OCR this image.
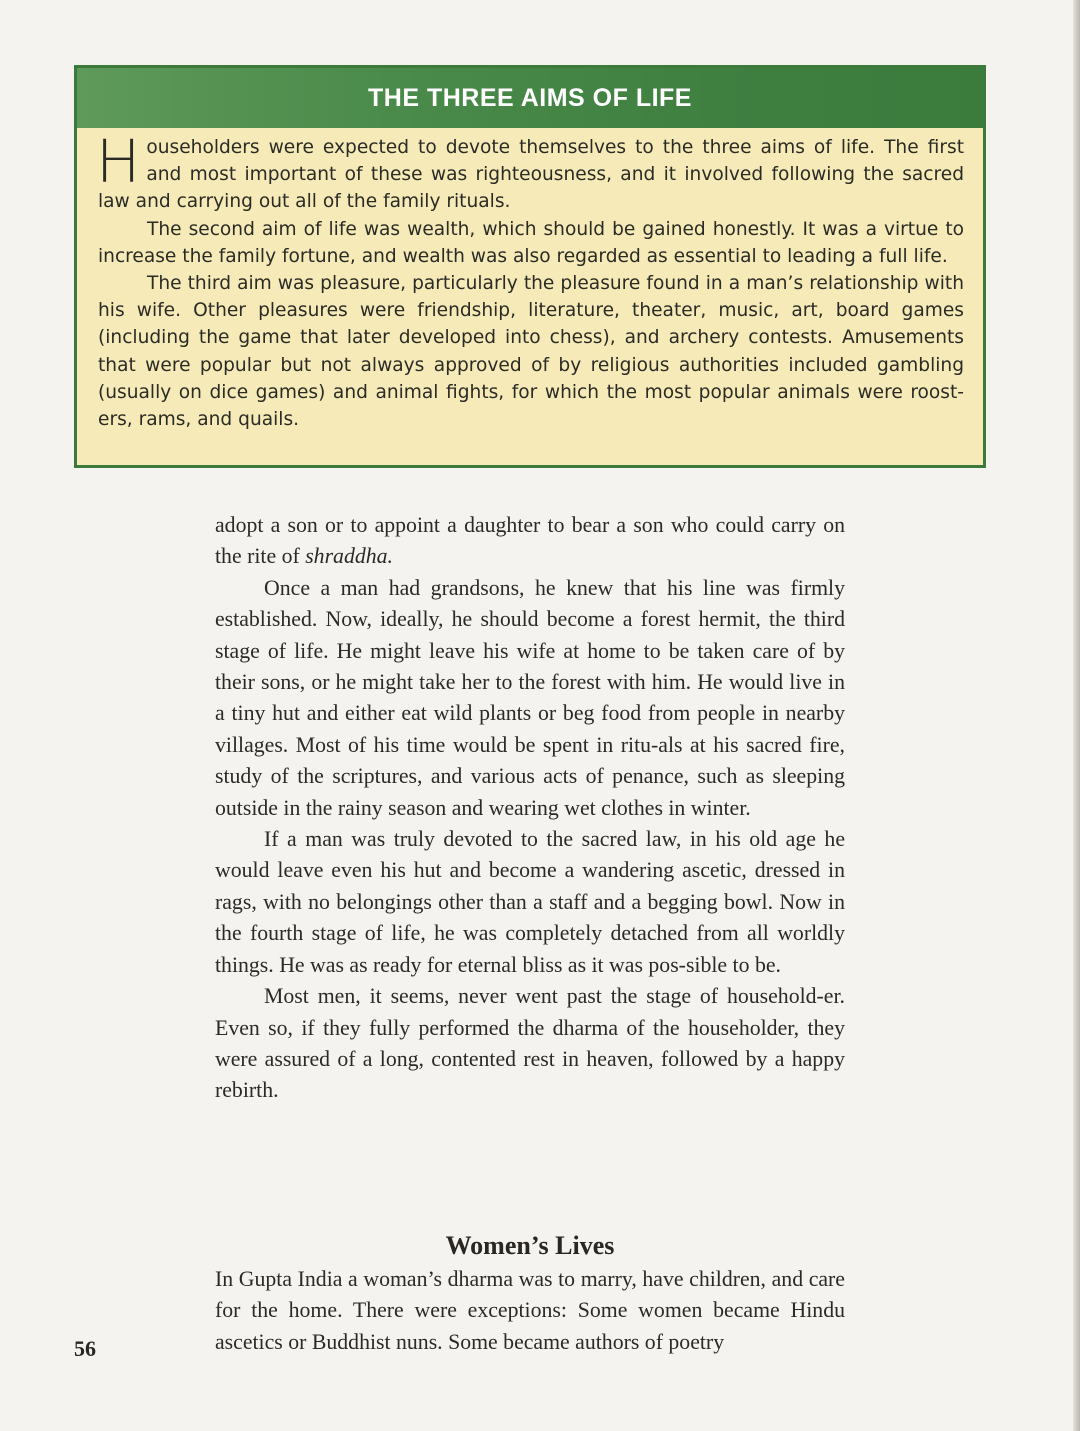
THE THREE AIMS OF LIFE

Householders were expected to devote themselves to the three aims of life. The first and most important of these was righteousness, and it involved following the sacred law and carrying out all of the family rituals.

The second aim of life was wealth, which should be gained honestly. It was a virtue to increase the family fortune, and wealth was also regarded as essential to leading a full life.

The third aim was pleasure, particularly the pleasure found in a man’s relationship with his wife. Other pleasures were friendship, literature, theater, music, art, board games (including the game that later developed into chess), and archery contests. Amusements that were popular but not always approved of by religious authorities included gambling (usually on dice games) and animal fights, for which the most popular animals were roost-ers, rams, and quails.

adopt a son or to appoint a daughter to bear a son who could carry on the rite of shraddha.

Once a man had grandsons, he knew that his line was firmly established. Now, ideally, he should become a forest hermit, the third stage of life. He might leave his wife at home to be taken care of by their sons, or he might take her to the forest with him. He would live in a tiny hut and either eat wild plants or beg food from people in nearby villages. Most of his time would be spent in ritu-als at his sacred fire, study of the scriptures, and various acts of penance, such as sleeping outside in the rainy season and wearing wet clothes in winter.

If a man was truly devoted to the sacred law, in his old age he would leave even his hut and become a wandering ascetic, dressed in rags, with no belongings other than a staff and a begging bowl. Now in the fourth stage of life, he was completely detached from all worldly things. He was as ready for eternal bliss as it was pos-sible to be.

Most men, it seems, never went past the stage of household-er. Even so, if they fully performed the dharma of the householder, they were assured of a long, contented rest in heaven, followed by a happy rebirth.

Women’s Lives

In Gupta India a woman’s dharma was to marry, have children, and care for the home. There were exceptions: Some women became Hindu ascetics or Buddhist nuns. Some became authors of poetry

56
